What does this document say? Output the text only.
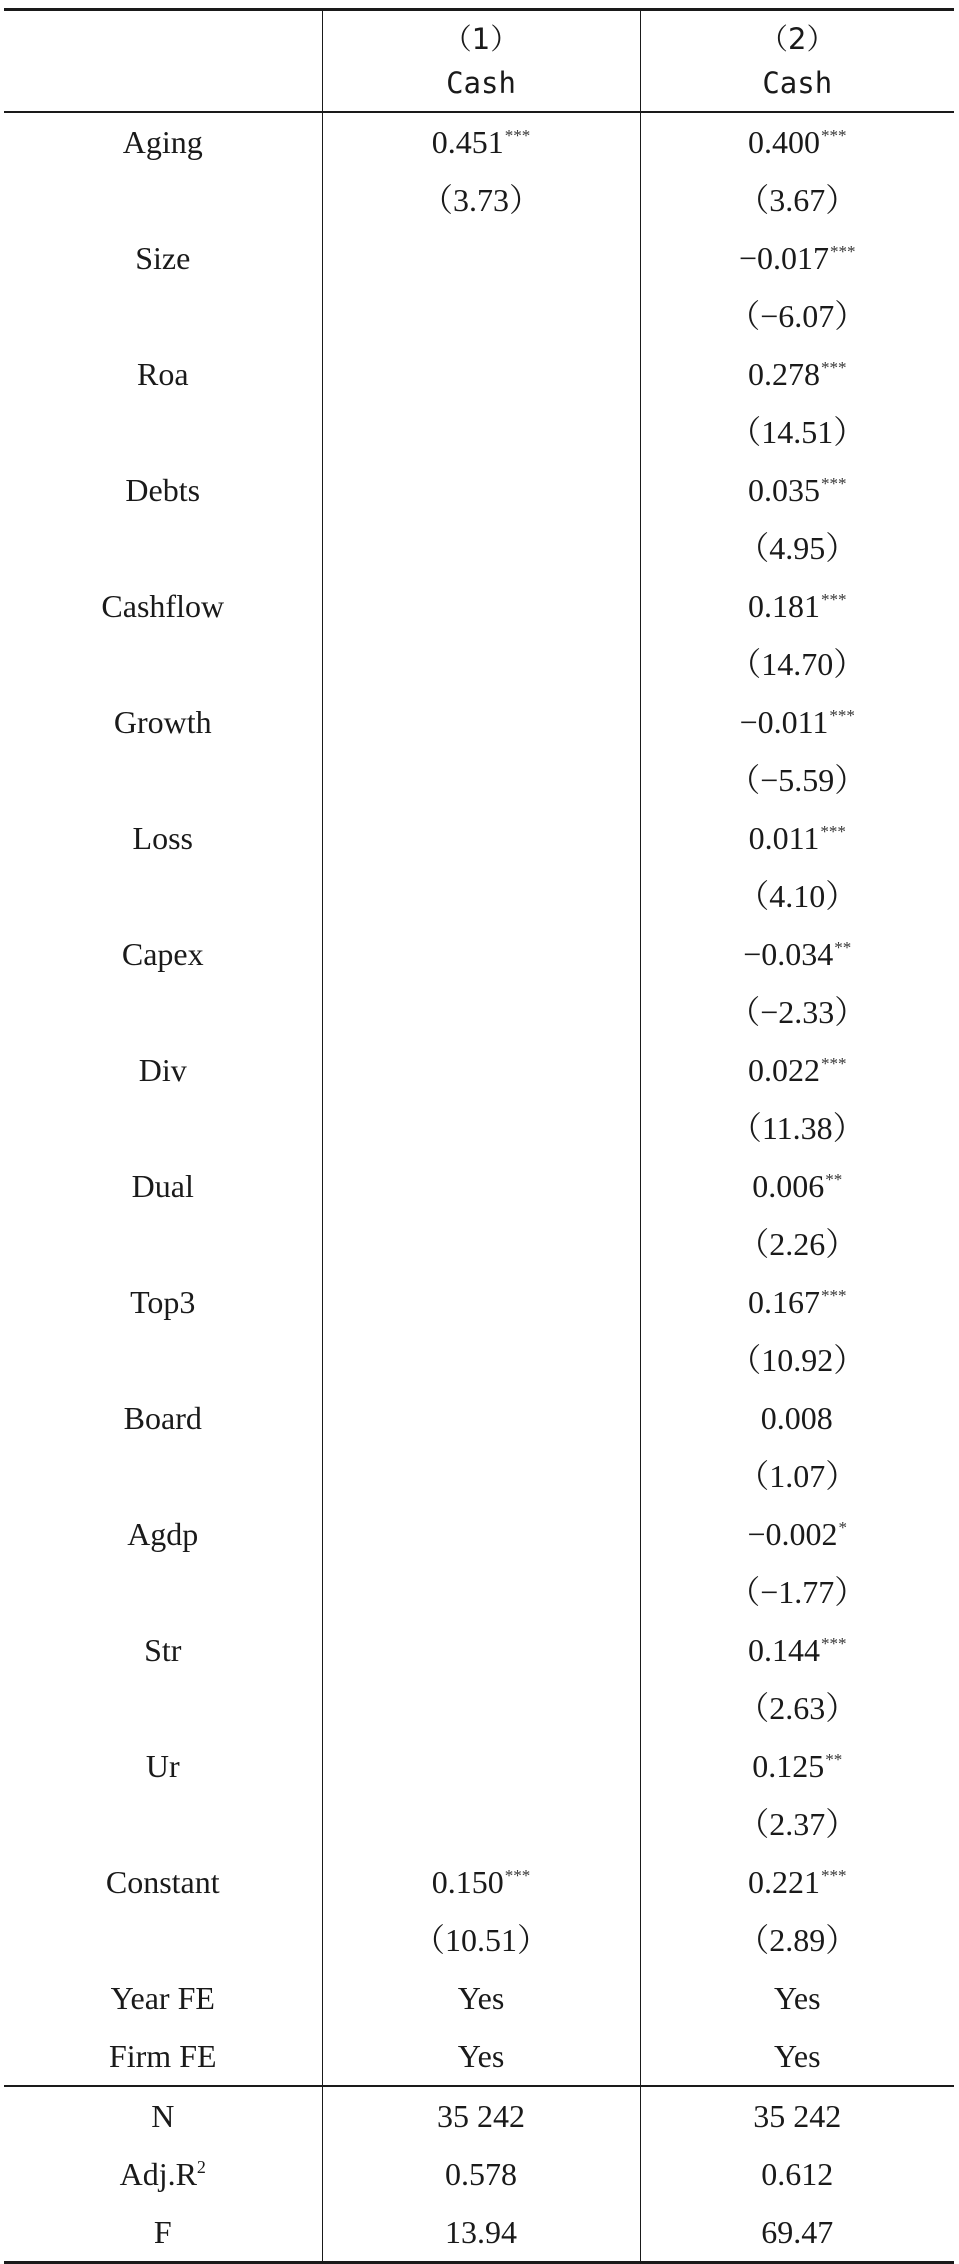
	（1）	（2）
	Cash	Cash
Aging	0.451***	0.400***
	（3.73）	（3.67）
Size		−0.017***
		（−6.07）
Roa		0.278***
		（14.51）
Debts		0.035***
		（4.95）
Cashflow		0.181***
		（14.70）
Growth		−0.011***
		（−5.59）
Loss		0.011***
		（4.10）
Capex		−0.034**
		（−2.33）
Div		0.022***
		（11.38）
Dual		0.006**
		（2.26）
Top3		0.167***
		（10.92）
Board		0.008
		（1.07）
Agdp		−0.002*
		（−1.77）
Str		0.144***
		（2.63）
Ur		0.125**
		（2.37）
Constant	0.150***	0.221***
	（10.51）	（2.89）
Year FE	Yes	Yes
Firm FE	Yes	Yes
N	35 242	35 242
$Adj.R^2$	0.578	0.612
F	13.94	69.47
